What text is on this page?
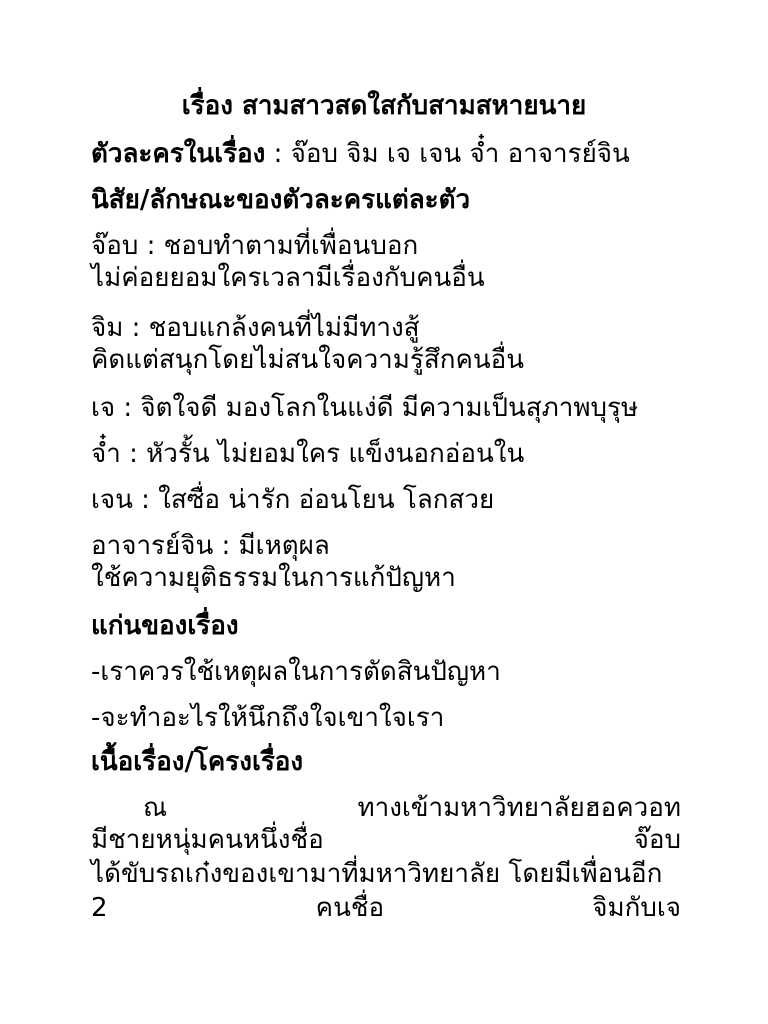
เรื่อง สามสาวสดใสกับสามสหายนาย
ตัวละครในเรื่อง : จ๊อบ จิม เจ เจน จ๋ำ อาจารย์จิน
นิสัย/ลักษณะของตัวละครแต่ละตัว
จ๊อบ : ชอบทำตามที่เพื่อนบอก
ไม่ค่อยยอมใครเวลามีเรื่องกับคนอื่น
จิม : ชอบแกล้งคนที่ไม่มีทางสู้
คิดแต่สนุกโดยไม่สนใจความรู้สึกคนอื่น
เจ : จิตใจดี มองโลกในแง่ดี มีความเป็นสุภาพบุรุษ
จ๋ำ : หัวรั้น ไม่ยอมใคร แข็งนอกอ่อนใน
เจน : ใสซื่อ น่ารัก อ่อนโยน โลกสวย
อาจารย์จิน : มีเหตุผล
ใช้ความยุติธรรมในการแก้ปัญหา
แก่นของเรื่อง
-เราควรใช้เหตุผลในการตัดสินปัญหา
-จะทำอะไรให้นึกถึงใจเขาใจเรา
เนื้อเรื่อง/โครงเรื่อง
ณ	ทางเข้ามหาวิทยาลัยฮอควอท
มีชายหนุ่มคนหนึ่งชื่อ	จ๊อบ
ได้ขับรถเก๋งของเขามาที่มหาวิทยาลัย โดยมีเพื่อนอีก
2	คนชื่อ	จิมกับเจ
